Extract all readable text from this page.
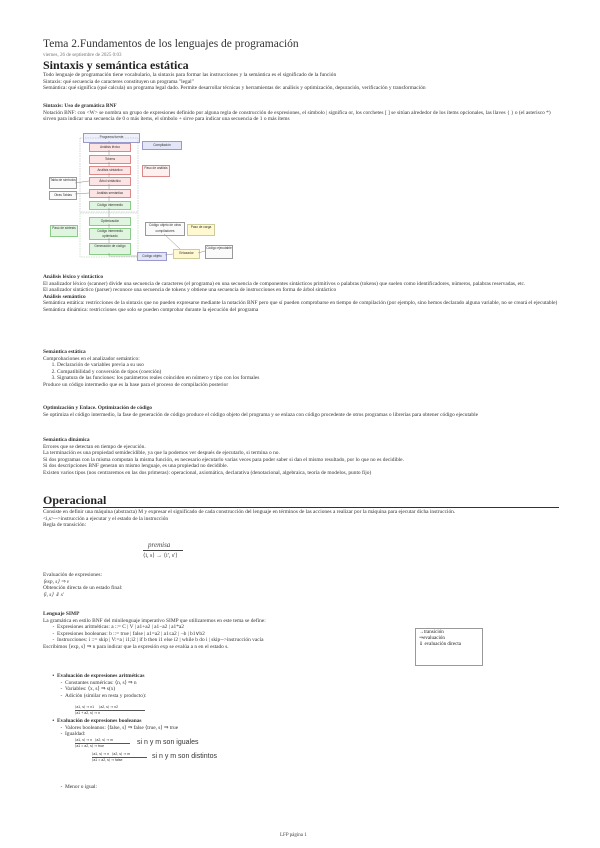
Tema 2.Fundamentos de los lenguajes de programación
viernes, 26 de septiembre de 2025 0:03
Sintaxis y semántica estática
Todo lenguaje de programación tiene vocabulario, la sintaxis para formar las instrucciones y la semántica es el significado de la función
Sintaxis: qué secuencia de caracteres constituyen un programa "legal"
Semántica: qué significa (qué calcula) un programa legal dado. Permite desarrollar técnicas y herramientas de: análisis y optimización, depuración, verificación y transformación
Sintaxis: Uso de gramática BNF
Notación BNF: con <W> se nombra un grupo de expresiones definido por alguna regla de construcción de expresiones, el símbolo | significa or, los corchetes [ ] se sitúan alrededor de los ítems opcionales, las llaves { } o (el asterisco *) sirven para indicar una secuencia de 0 o más ítems, el símbolo + sirve para indicar una secuencia de 1 o más ítems
Programa fuente
Análisis léxico
Tokens
Análisis sintáctico
Árbol sintáctico
Análisis semántico
Código intermedio
Optimización
Código intermedio optimizado
Generación de código
Código objeto
Tabla de símbolos
Otras Tablas
Compilación
Paso de análisis
Paso de síntesis
Código objeto de otros compiladores
Enlazador
Código ejecutable
Paso de carga
Análisis léxico y sintáctico
El analizador léxico (scanner) divide una secuencia de caracteres (el programa) en una secuencia de componentes sintácticos primitivos o palabras (tokens) que suelen como identificadores, números, palabras reservadas, etc.
El analizador sintáctico (parser) reconoce una secuencia de tokens y obtiene una secuencia de instrucciones en forma de árbol sintáctico
Análisis semántico
Semántica estática: restricciones de la sintaxis que no pueden expresarse mediante la notación BNF pero que sí pueden comprobarse en tiempo de compilación (por ejemplo, sino hemos declarado alguna variable, no se creará el ejecutable)
Semántica dinámica: restricciones que solo se pueden comprobar durante la ejecución del programa
Semántica estática
Comprobaciones en el analizador semántico:
1. Declaración de variables previa a su uso
2. Compatibilidad y conversión de tipos (coerción)
3. Signatura de las funciones: los parámetros reales coinciden en número y tipo con los formales
Produce un código intermedio que es la base para el proceso de compilación posterior
Optimización y Enlace. Optimización de código
Se optimiza el código intermedio, la fase de generación de código produce el código objeto del programa y se enlaza con código procedente de otros programas o librerías para obtener código ejecutable
Semántica dinámica
Errores que se detectan en tiempo de ejecución.
La terminación es una propiedad semidecidible, ya que la podemos ver después de ejecutarlo, si termina o no.
Si dos programas con la misma computan la misma función, es necesario ejecutarlo varias veces para poder saber si dan el mismo resultado, por lo que no es decidible.
Si dos descripciones BNF generan un mismo lenguaje, es una propiedad no decidible.
Existen varios tipos (nos centraremos en las dos primeras): operacional, axiomática, declarativa (denotacional, algebraica, teoría de modelos, punto fijo)
Operacional
Consiste en definir una máquina (abstracta) M y expresar el significado de cada construcción del lenguaje en términos de las acciones a realizar por la máquina para ejecutar dicha instrucción.
<i,s>-->instrucción a ejecutar y el estado de la instrucción
Regla de transición:
premisa
⟨i, s⟩ → ⟨i', s'⟩
Evaluación de expresiones:
⟨exp, s⟩ ⇒ v
Obtención directa de un estado final:
⟨i, s⟩ ⇓ s'
Lenguaje SIMP
La gramática en estilo BNF del minilenguaje imperativo SIMP que utilizaremos en este tema se define:
- Expresiones aritméticas: a ::= C | V | a1+a2 | a1−a2 | a1*a2
- Expresiones booleanas: b ::= true | false | a1=a2 | a1≤a2 | ¬b | b1∨b2
- Instrucciones: i ::= skip | V:=a | i1;i2 | if b then i1 else i2 | while b do i | skip-->instrucción vacía
Escribimos ⟨exp, s⟩ ⇒ n para indicar que la expresión exp se evalúa a n en el estado s.
→transición
⇒evaluación
⇓ evaluación directa
• Evaluación de expresiones aritméticas
- Constantes numéricas: ⟨n, s⟩ ⇒ n
- Variables: ⟨x, s⟩ ⇒ s(x)
- Adición (similar en resta y producto):
⟨a1, s⟩ ⇒ n1     ⟨a2, s⟩ ⇒ n2
⟨a1 + a2, s⟩ ⇒ n
• Evaluación de expresiones booleanas
- Valores booleanos: ⟨false, s⟩ ⇒ false ⟨true, s⟩ ⇒ true
- Igualdad:
⟨a1, s⟩ ⇒ n   ⟨a2, s⟩ ⇒ m
⟨a1 = a2, s⟩ ⇒ true	si n y m son iguales
⟨a1, s⟩ ⇒ n   ⟨a2, s⟩ ⇒ m
⟨a1 = a2, s⟩ ⇒ false	si n y m son distintos
- Menor o igual:
LFP página 1
